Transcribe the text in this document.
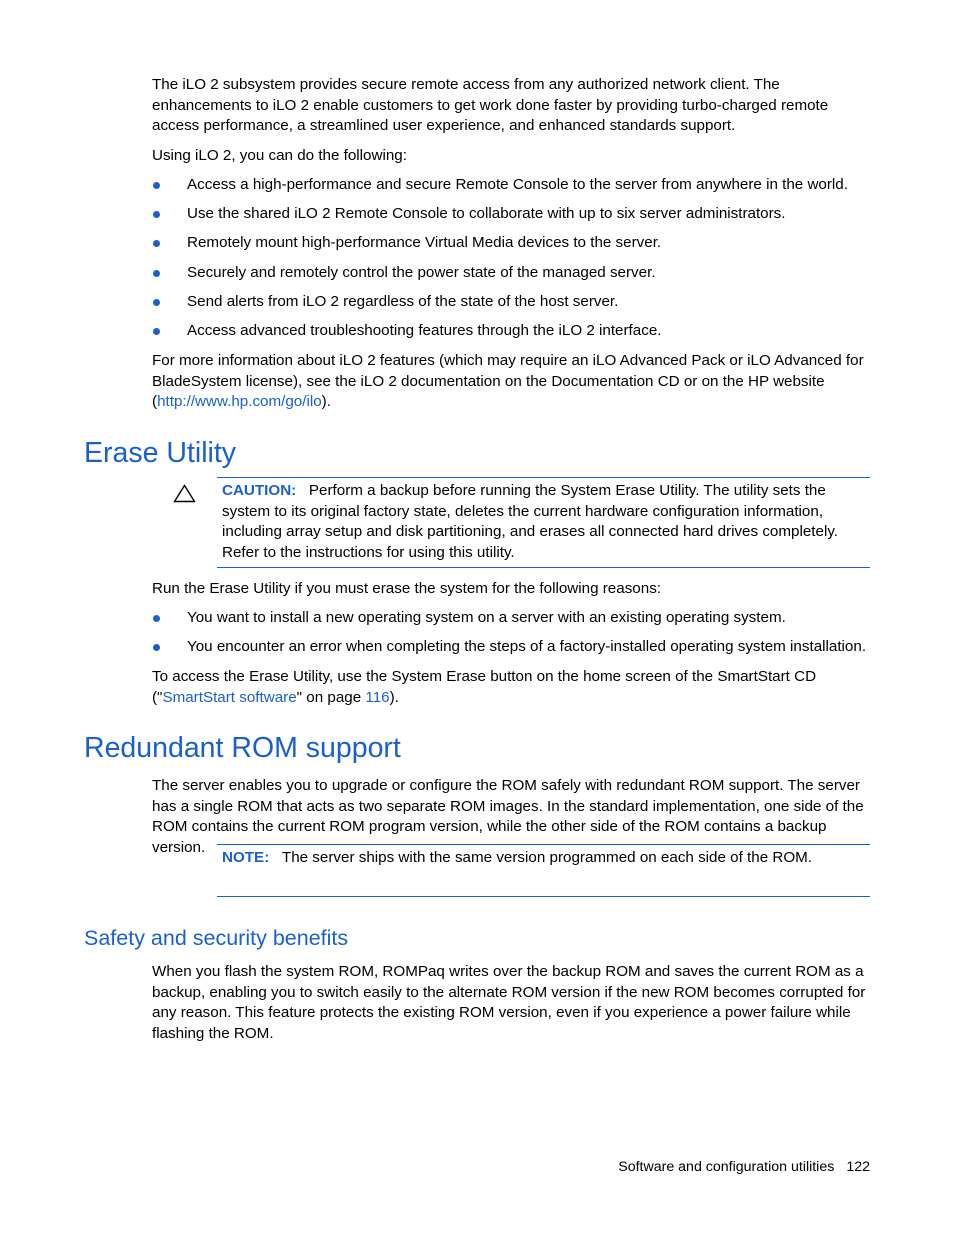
The iLO 2 subsystem provides secure remote access from any authorized network client. The enhancements to iLO 2 enable customers to get work done faster by providing turbo-charged remote access performance, a streamlined user experience, and enhanced standards support.

Using iLO 2, you can do the following:

Access a high-performance and secure Remote Console to the server from anywhere in the world.
Use the shared iLO 2 Remote Console to collaborate with up to six server administrators.
Remotely mount high-performance Virtual Media devices to the server.
Securely and remotely control the power state of the managed server.
Send alerts from iLO 2 regardless of the state of the host server.
Access advanced troubleshooting features through the iLO 2 interface.

For more information about iLO 2 features (which may require an iLO Advanced Pack or iLO Advanced for BladeSystem license), see the iLO 2 documentation on the Documentation CD or on the HP website (http://www.hp.com/go/ilo).

Erase Utility

CAUTION: Perform a backup before running the System Erase Utility. The utility sets the system to its original factory state, deletes the current hardware configuration information, including array setup and disk partitioning, and erases all connected hard drives completely. Refer to the instructions for using this utility.

Run the Erase Utility if you must erase the system for the following reasons:

You want to install a new operating system on a server with an existing operating system.
You encounter an error when completing the steps of a factory-installed operating system installation.

To access the Erase Utility, use the System Erase button on the home screen of the SmartStart CD ("SmartStart software" on page 116).

Redundant ROM support

The server enables you to upgrade or configure the ROM safely with redundant ROM support. The server has a single ROM that acts as two separate ROM images. In the standard implementation, one side of the ROM contains the current ROM program version, while the other side of the ROM contains a backup version.

NOTE: The server ships with the same version programmed on each side of the ROM.

Safety and security benefits

When you flash the system ROM, ROMPaq writes over the backup ROM and saves the current ROM as a backup, enabling you to switch easily to the alternate ROM version if the new ROM becomes corrupted for any reason. This feature protects the existing ROM version, even if you experience a power failure while flashing the ROM.

Software and configuration utilities 122
